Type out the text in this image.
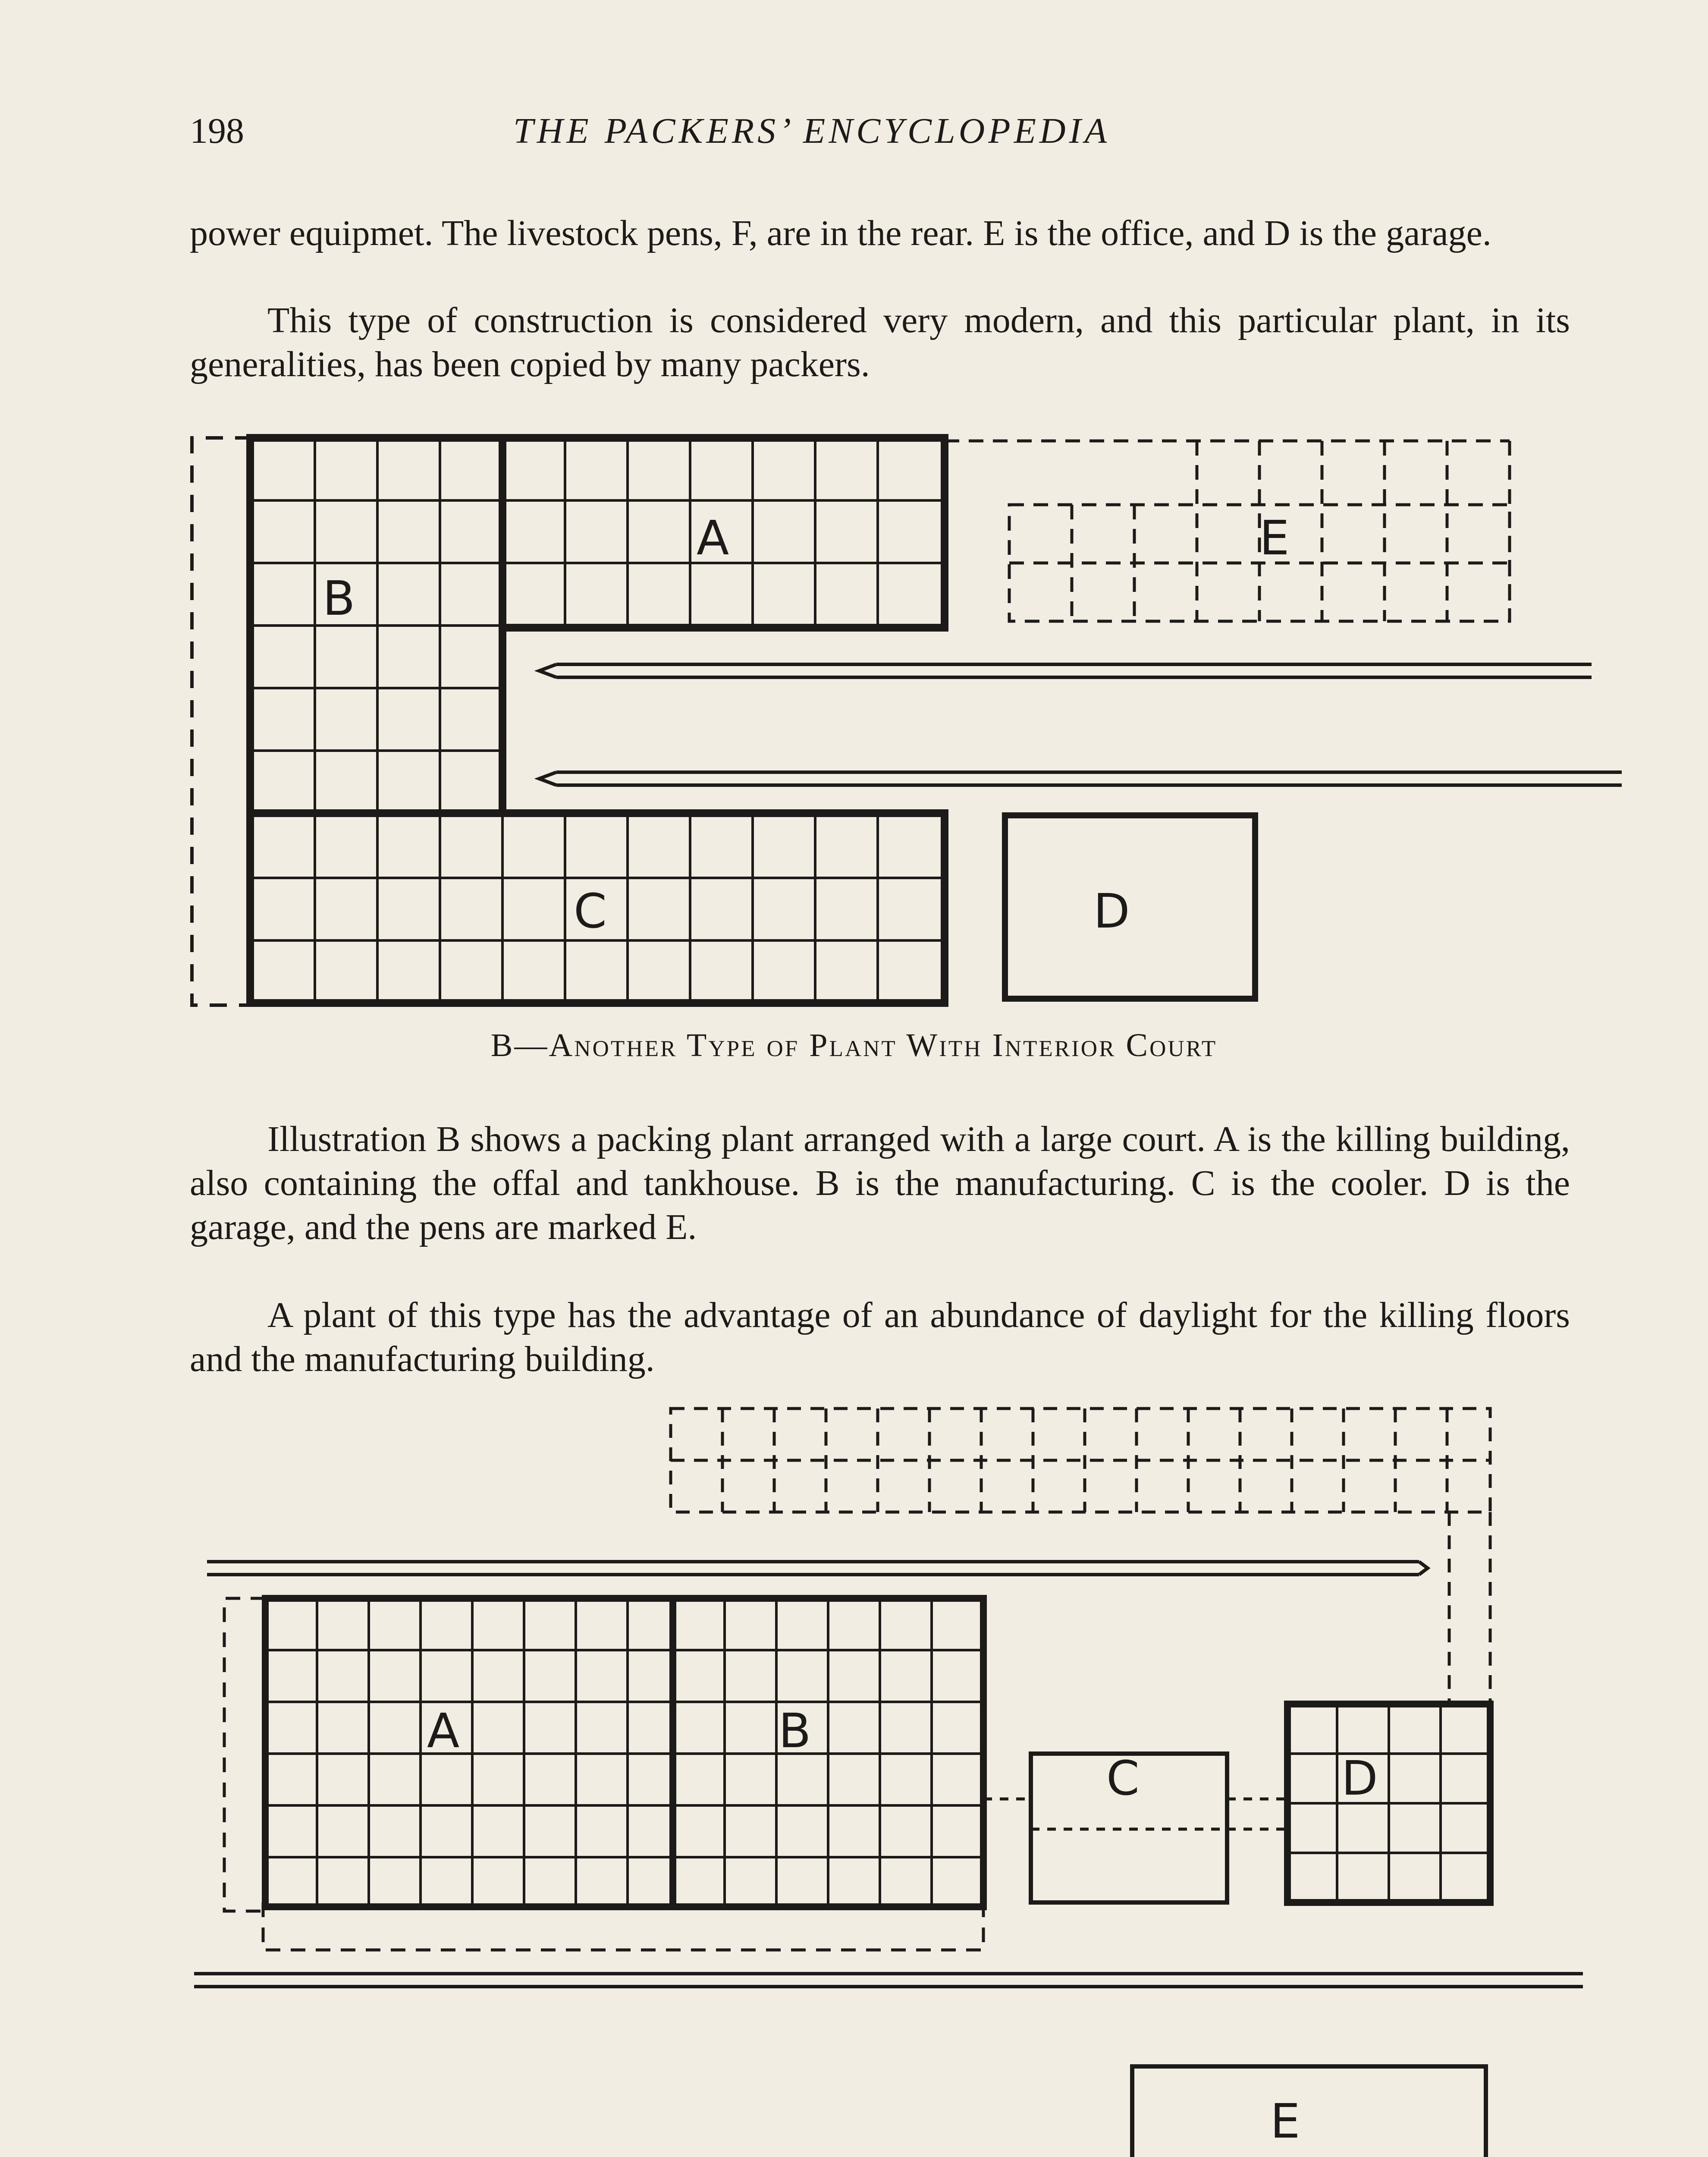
198	THE PACKERS’ ENCYCLOPEDIA

power equipmet. The livestock pens, F, are in the rear. E is the office, and D is the garage.

This type of construction is considered very modern, and this particular plant, in its generalities, has been copied by many packers.

B
A
C	D
E
B—Another Type of Plant With Interior Court

Illustration B shows a packing plant arranged with a large court. A is the killing building, also containing the offal and tankhouse. B is the manufacturing. C is the cooler. D is the garage, and the pens are marked E.

A plant of this type has the advantage of an abundance of daylight for the killing floors and the manufacturing building.

A	B
C	D
E
